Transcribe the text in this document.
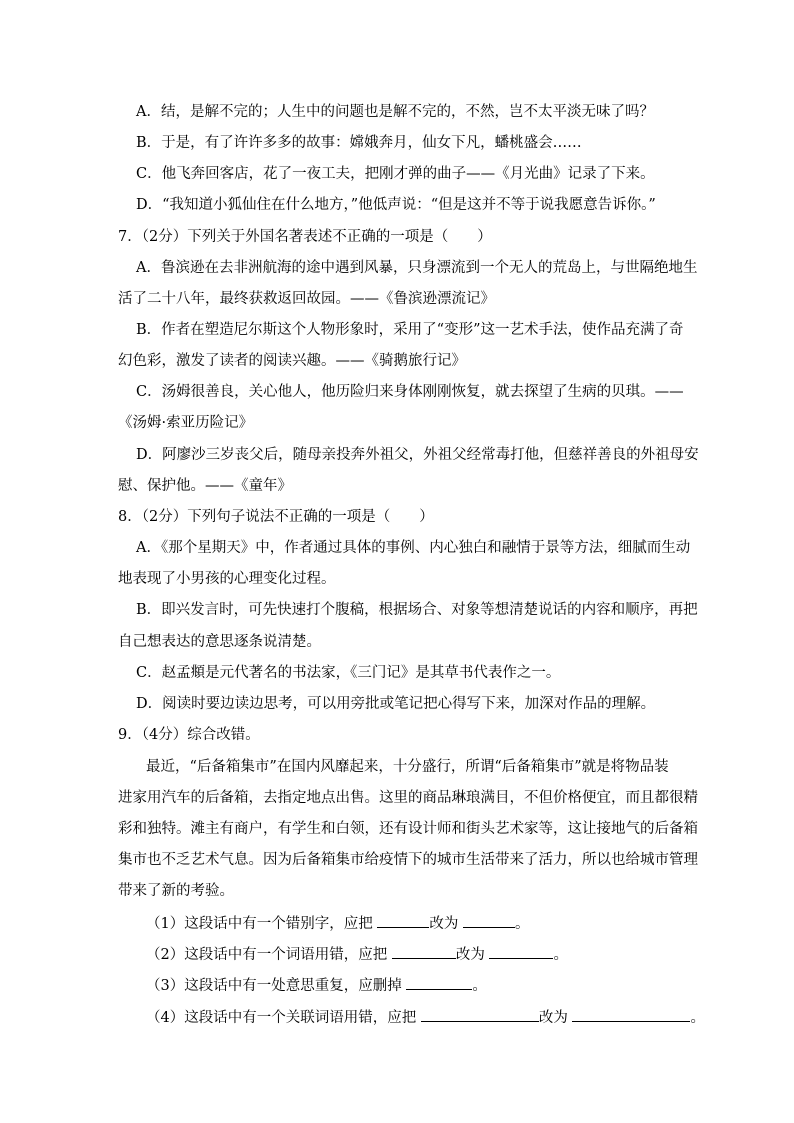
A．结，是解不完的；人生中的问题也是解不完的，不然，岂不太平淡无味了吗？
B．于是，有了许许多多的故事：嫦娥奔月，仙女下凡，蟠桃盛会……
C．他飞奔回客店，花了一夜工夫，把刚才弹的曲子——《月光曲》记录了下来。
D．“我知道小狐仙住在什么地方，”他低声说：“但是这并不等于说我愿意告诉你。”
7．（2分）下列关于外国名著表述不正确的一项是（　　）
A．鲁滨逊在去非洲航海的途中遇到风暴，只身漂流到一个无人的荒岛上，与世隔绝地生
活了二十八年，最终获救返回故园。——《鲁滨逊漂流记》
B．作者在塑造尼尔斯这个人物形象时，采用了“变形”这一艺术手法，使作品充满了奇
幻色彩，激发了读者的阅读兴趣。——《骑鹅旅行记》
C．汤姆很善良，关心他人，他历险归来身体刚刚恢复，就去探望了生病的贝琪。——
《汤姆·索亚历险记》
D．阿廖沙三岁丧父后，随母亲投奔外祖父，外祖父经常毒打他，但慈祥善良的外祖母安
慰、保护他。——《童年》
8．（2分）下列句子说法不正确的一项是（　　）
A．《那个星期天》中，作者通过具体的事例、内心独白和融情于景等方法，细腻而生动
地表现了小男孩的心理变化过程。
B．即兴发言时，可先快速打个腹稿，根据场合、对象等想清楚说话的内容和顺序，再把
自己想表达的意思逐条说清楚。
C．赵孟頫是元代著名的书法家，《三门记》是其草书代表作之一。
D．阅读时要边读边思考，可以用旁批或笔记把心得写下来，加深对作品的理解。
9．（4分）综合改错。
最近，“后备箱集市”在国内风靡起来，十分盛行，所谓“后备箱集市”就是将物品装
进家用汽车的后备箱，去指定地点出售。这里的商品琳琅满目，不但价格便宜，而且都很精
彩和独特。滩主有商户，有学生和白领，还有设计师和街头艺术家等，这让接地气的后备箱
集市也不乏艺术气息。因为后备箱集市给疫情下的城市生活带来了活力，所以也给城市管理
带来了新的考验。
（1）这段话中有一个错别字，应把	改为	。
（2）这段话中有一个词语用错，应把	改为	。
（3）这段话中有一处意思重复，应删掉	。
（4）这段话中有一个关联词语用错，应把	改为	。
